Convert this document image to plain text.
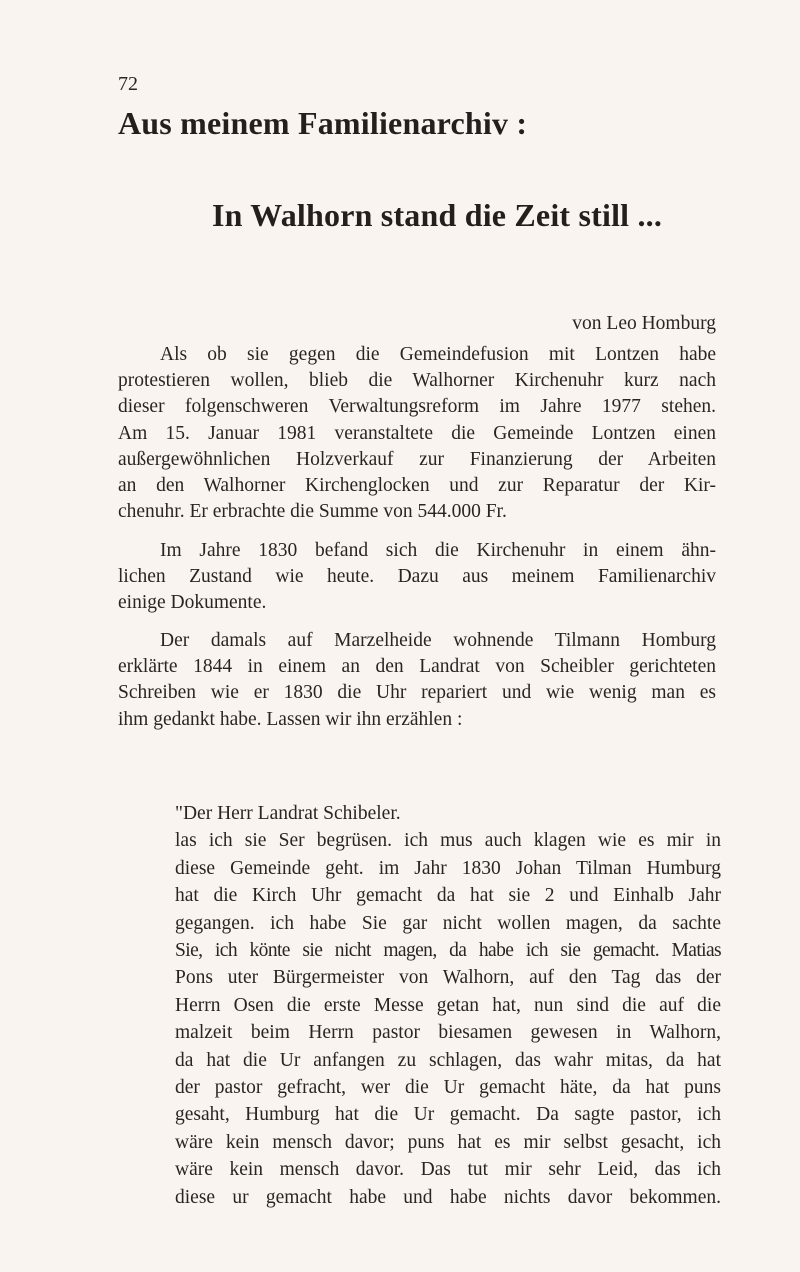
72
Aus meinem Familienarchiv :
In Walhorn stand die Zeit still ...
von Leo Homburg
Als ob sie gegen die Gemeindefusion mit Lontzen habe
protestieren wollen, blieb die Walhorner Kirchenuhr kurz nach
dieser folgenschweren Verwaltungsreform im Jahre 1977 stehen.
Am 15. Januar 1981 veranstaltete die Gemeinde Lontzen einen
außergewöhnlichen Holzverkauf zur Finanzierung der Arbeiten
an den Walhorner Kirchenglocken und zur Reparatur der Kir-
chenuhr. Er erbrachte die Summe von 544.000 Fr.
Im Jahre 1830 befand sich die Kirchenuhr in einem ähn-
lichen Zustand wie heute. Dazu aus meinem Familienarchiv
einige Dokumente.
Der damals auf Marzelheide wohnende Tilmann Homburg
erklärte 1844 in einem an den Landrat von Scheibler gerichteten
Schreiben wie er 1830 die Uhr repariert und wie wenig man es
ihm gedankt habe. Lassen wir ihn erzählen :
"Der Herr Landrat Schibeler.
las ich sie Ser begrüsen. ich mus auch klagen wie es mir in
diese Gemeinde geht. im Jahr 1830 Johan Tilman Humburg
hat die Kirch Uhr gemacht da hat sie 2 und Einhalb Jahr
gegangen. ich habe Sie gar nicht wollen magen, da sachte
Sie, ich könte sie nicht magen, da habe ich sie gemacht. Matias
Pons uter Bürgermeister von Walhorn, auf den Tag das der
Herrn Osen die erste Messe getan hat, nun sind die auf die
malzeit beim Herrn pastor biesamen gewesen in Walhorn,
da hat die Ur anfangen zu schlagen, das wahr mitas, da hat
der pastor gefracht, wer die Ur gemacht häte, da hat puns
gesaht, Humburg hat die Ur gemacht. Da sagte pastor, ich
wäre kein mensch davor; puns hat es mir selbst gesacht, ich
wäre kein mensch davor. Das tut mir sehr Leid, das ich
diese ur gemacht habe und habe nichts davor bekommen.
